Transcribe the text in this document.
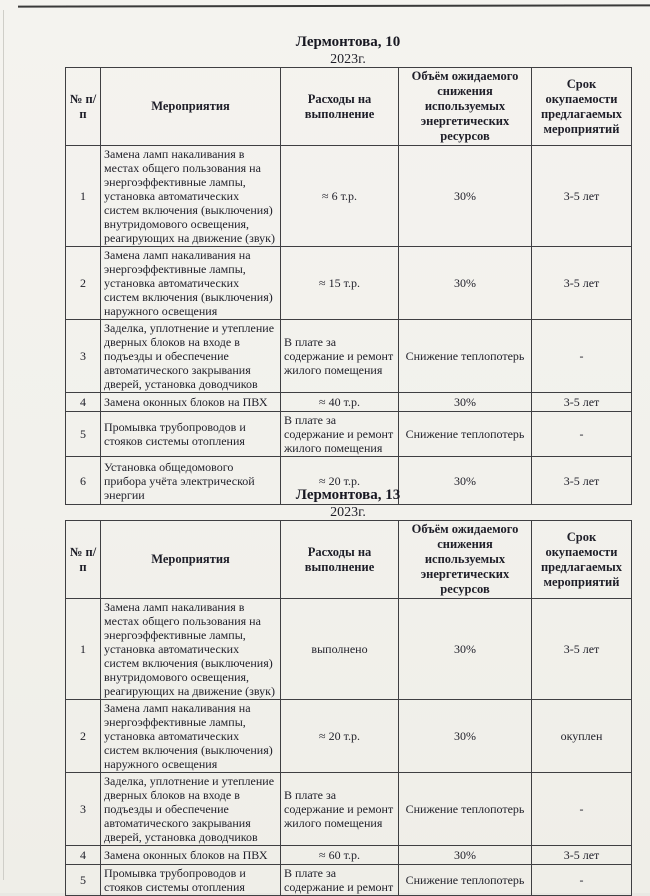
Лермонтова, 10
2023г.
№ п/п	Мероприятия	Расходы на выполнение	Объём ожидаемого снижения используемых энергетических ресурсов	Срок окупаемости предлагаемых мероприятий
1	Замена ламп накаливания в местах общего пользования на энергоэффективные лампы, установка автоматических систем включения (выключения) внутридомового освещения, реагирующих на движение (звук)	≈ 6 т.р.	30%	3-5 лет
2	Замена ламп накаливания на энергоэффективные лампы, установка автоматических систем включения (выключения) наружного освещения	≈ 15 т.р.	30%	3-5 лет
3	Заделка, уплотнение и утепление дверных блоков на входе в подъезды и обеспечение автоматического закрывания дверей, установка доводчиков	В плате за содержание и ремонт жилого помещения	Снижение теплопотерь	-
4	Замена оконных блоков на ПВХ	≈ 40 т.р.	30%	3-5 лет
5	Промывка трубопроводов и стояков системы отопления	В плате за содержание и ремонт жилого помещения	Снижение теплопотерь	-
6	Установка общедомового прибора учёта электрической энергии	≈ 20 т.р.	30%	3-5 лет
Лермонтова, 13
2023г.
№ п/п	Мероприятия	Расходы на выполнение	Объём ожидаемого снижения используемых энергетических ресурсов	Срок окупаемости предлагаемых мероприятий
1	Замена ламп накаливания в местах общего пользования на энергоэффективные лампы, установка автоматических систем включения (выключения) внутридомового освещения, реагирующих на движение (звук)	выполнено	30%	3-5 лет
2	Замена ламп накаливания на энергоэффективные лампы, установка автоматических систем включения (выключения) наружного освещения	≈ 20 т.р.	30%	окуплен
3	Заделка, уплотнение и утепление дверных блоков на входе в подъезды и обеспечение автоматического закрывания дверей, установка доводчиков	В плате за содержание и ремонт жилого помещения	Снижение теплопотерь	-
4	Замена оконных блоков на ПВХ	≈ 60 т.р.	30%	3-5 лет
5	Промывка трубопроводов и стояков системы отопления	В плате за содержание и ремонт	Снижение теплопотерь	-
